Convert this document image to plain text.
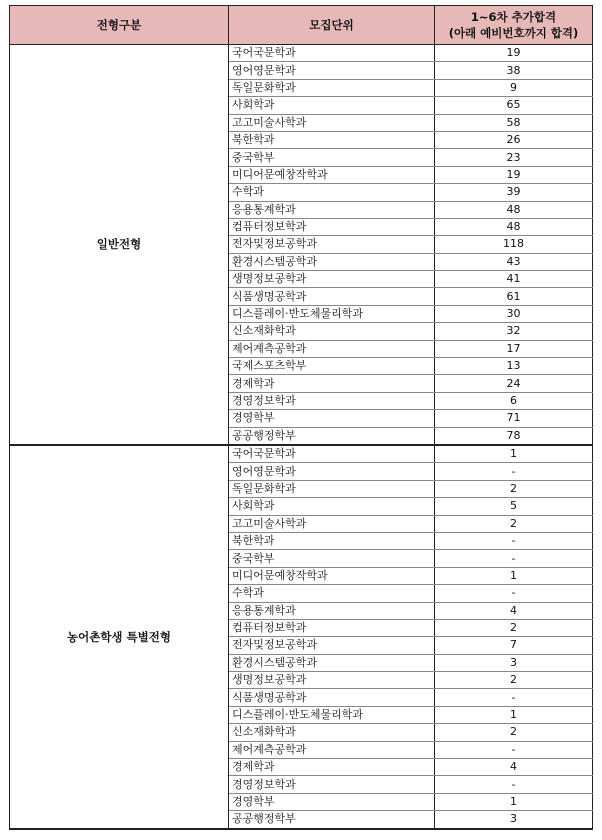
전형구분	모집단위	1~6차 추가합격
(아래 예비번호까지 합격)

일반전형	국어국문학과	19
	영어영문학과	38
	독일문화학과	9
	사회학과	65
	고고미술사학과	58
	북한학과	26
	중국학부	23
	미디어문예창작학과	19
	수학과	39
	응용통계학과	48
	컴퓨터정보학과	48
	전자및정보공학과	118
	환경시스템공학과	43
	생명정보공학과	41
	식품생명공학과	61
	디스플레이·반도체물리학과	30
	신소재화학과	32
	제어계측공학과	17
	국제스포츠학부	13
	경제학과	24
	경영정보학과	6
	경영학부	71
	공공행정학부	78
농어촌학생 특별전형	국어국문학과	1
	영어영문학과	-
	독일문화학과	2
	사회학과	5
	고고미술사학과	2
	북한학과	-
	중국학부	-
	미디어문예창작학과	1
	수학과	-
	응용통계학과	4
	컴퓨터정보학과	2
	전자및정보공학과	7
	환경시스템공학과	3
	생명정보공학과	2
	식품생명공학과	-
	디스플레이·반도체물리학과	1
	신소재화학과	2
	제어계측공학과	-
	경제학과	4
	경영정보학과	-
	경영학부	1
	공공행정학부	3
